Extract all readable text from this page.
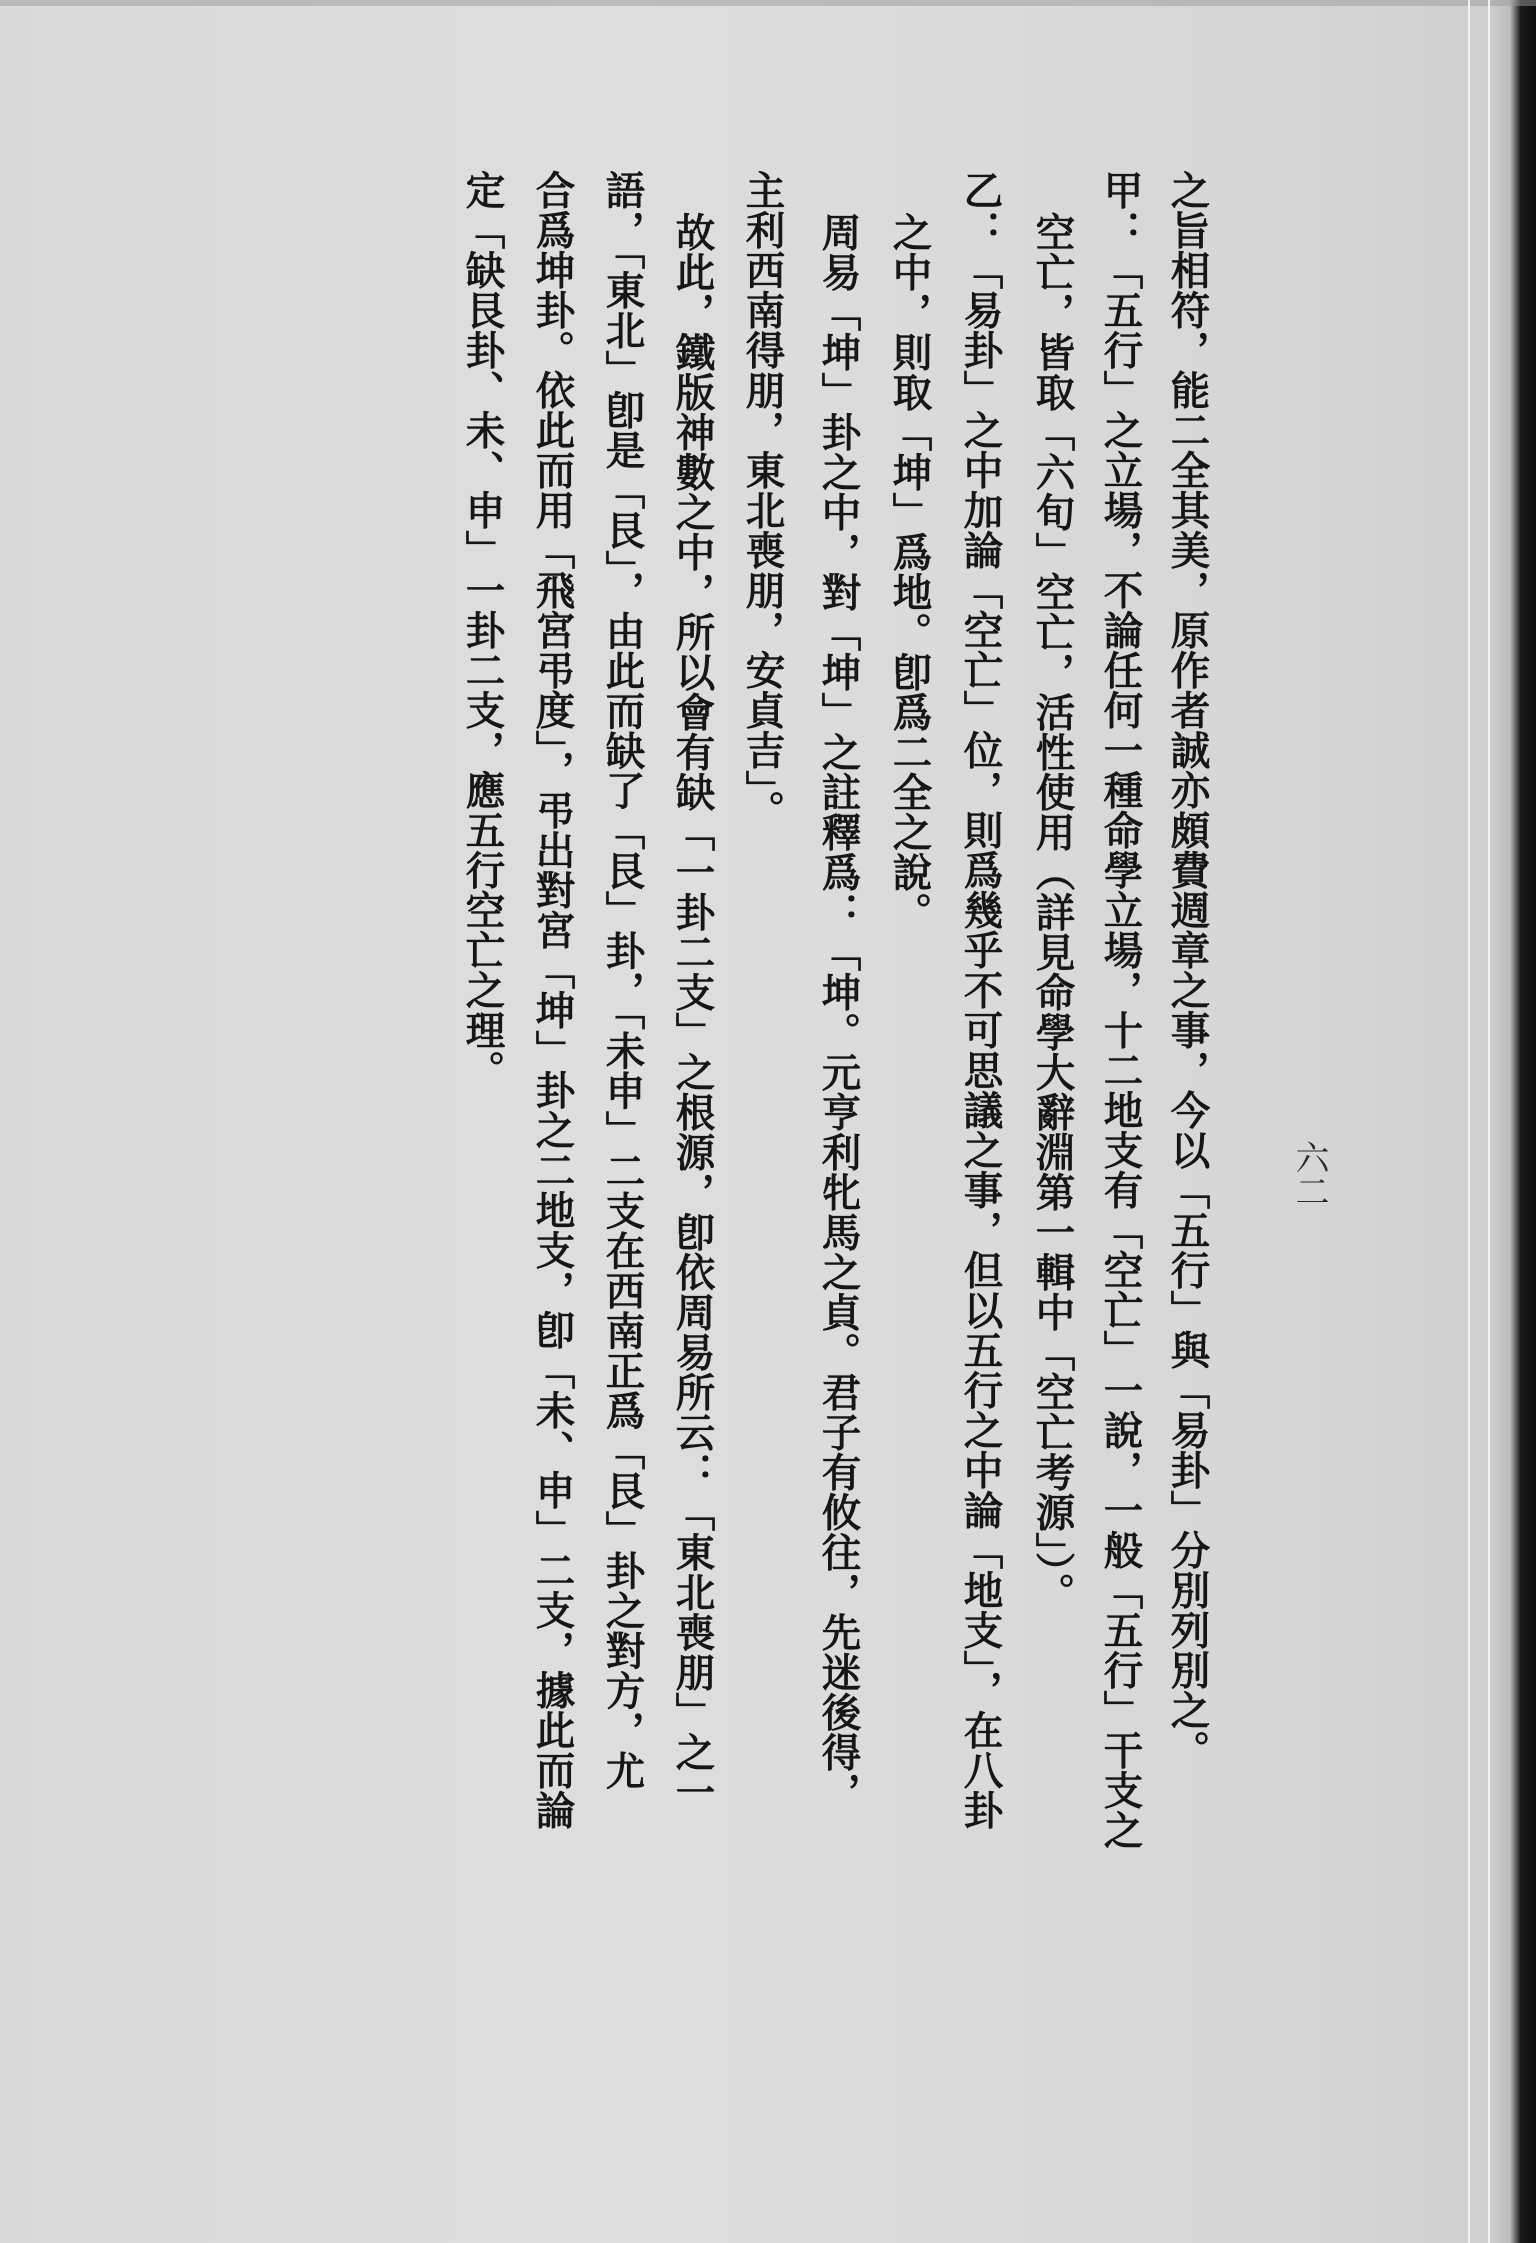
六二
之旨相符，能二全其美，原作者誠亦頗費週章之事，今以「五行」與「易卦」分別列別之。
甲：「五行」之立場，不論任何一種命學立場，十二地支有「空亡」一說，一般「五行」干支之
空亡，皆取「六旬」空亡，活性使用（詳見命學大辭淵第一輯中「空亡考源」）。
乙：「易卦」之中加論「空亡」位，則爲幾乎不可思議之事，但以五行之中論「地支」，在八卦
之中，則取「坤」爲地。卽爲二全之說。
周易「坤」卦之中，對「坤」之註釋爲：「坤。元亨利牝馬之貞。君子有攸往，先迷後得，
主利西南得朋，東北喪朋，安貞吉」。
故此，鐵版神數之中，所以會有缺「一卦二支」之根源，卽依周易所云：「東北喪朋」之一
語，「東北」卽是「艮」，由此而缺了「艮」卦，「未申」二支在西南正爲「艮」卦之對方，尤
合爲坤卦。依此而用「飛宮弔度」，弔出對宮「坤」卦之二地支，卽「未、申」二支，據此而論
定「缺艮卦、未、申」一卦二支，應五行空亡之理。
